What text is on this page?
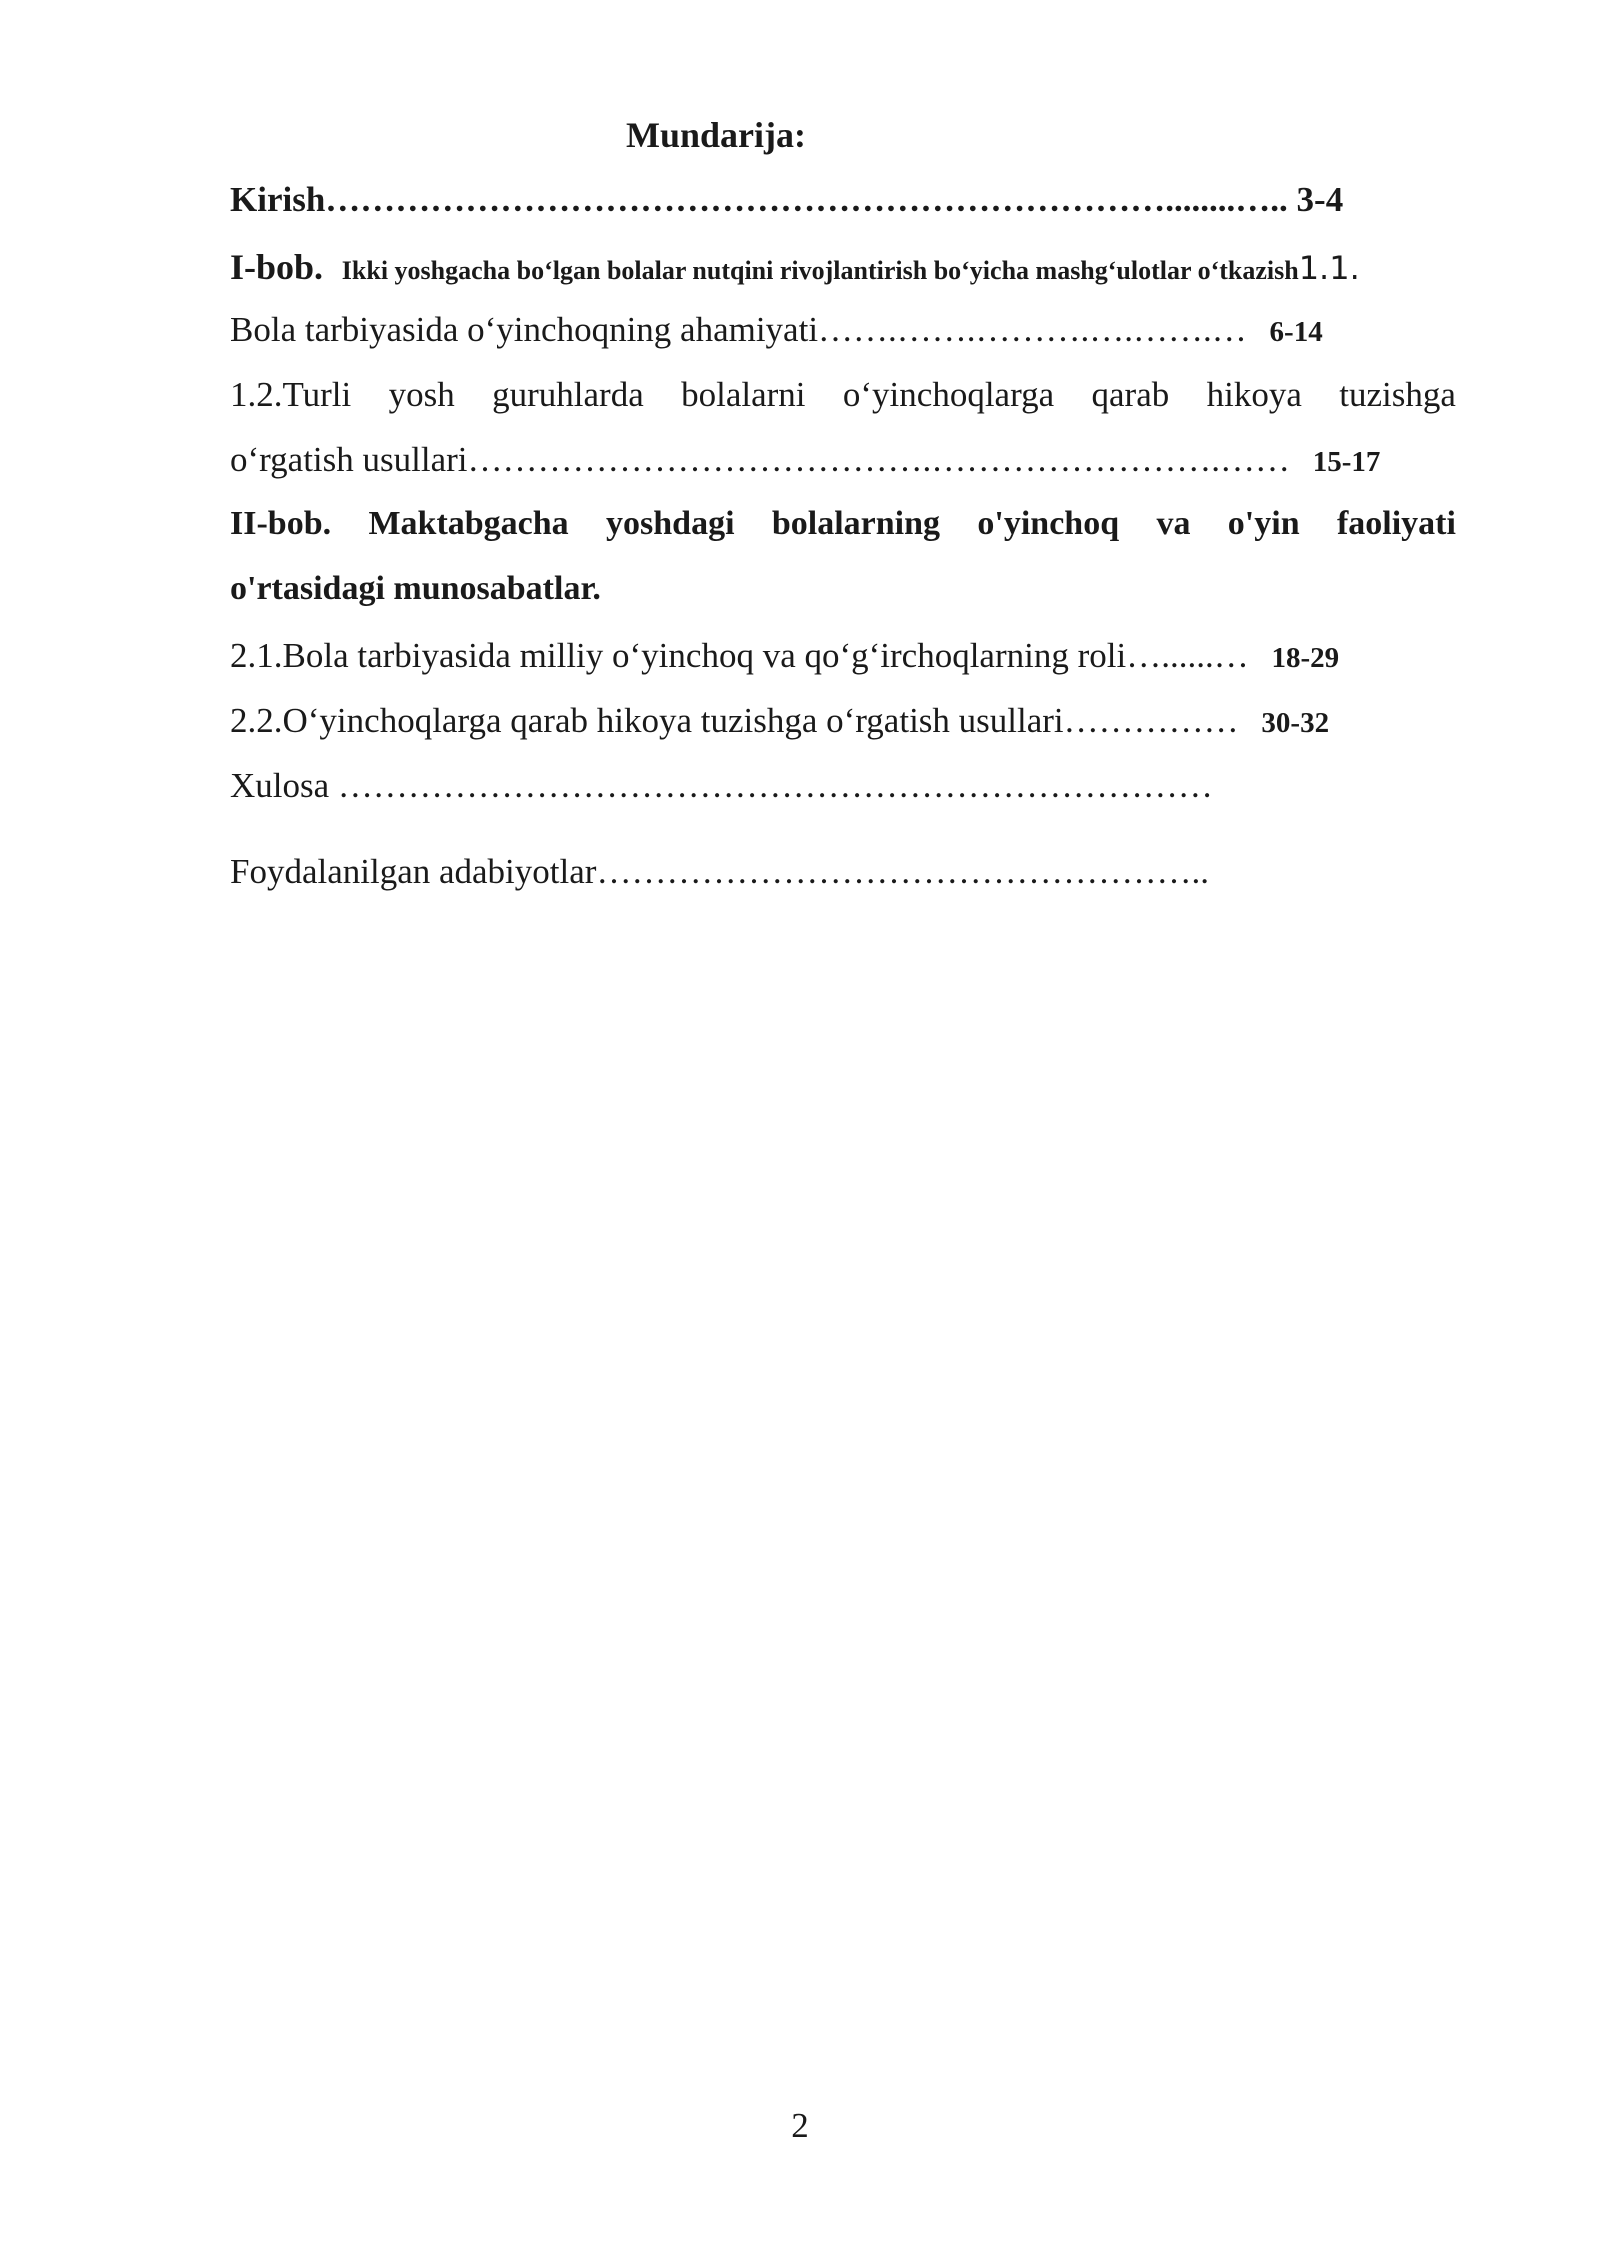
Mundarija:
Kirish………………………………………………………………........….. 3-4
I-bob. Ikki yoshgacha bo‘lgan bolalar nutqini rivojlantirish bo‘yicha mashg‘ulotlar o‘tkazish1.1.
Bola tarbiyasida o‘yinchoqning ahamiyati…….…….……….….…….… 6-14
1.2.Turli yosh guruhlarda bolalarni o‘yinchoqlarga qarab hikoya tuzishga
o‘rgatish usullari………………………………….…………………….…… 15-17
II-bob. Maktabgacha yoshdagi bolalarning o'yinchoq va o'yin faoliyati
o'rtasidagi munosabatlar.
2.1.Bola tarbiyasida milliy o‘yinchoq va qo‘g‘irchoqlarning roli…......… 18-29
2.2.O‘yinchoqlarga qarab hikoya tuzishga o‘rgatish usullari…………… 30-32
Xulosa …………………………………………………………………
Foydalanilgan adabiyotlar……………………………………………..
2
